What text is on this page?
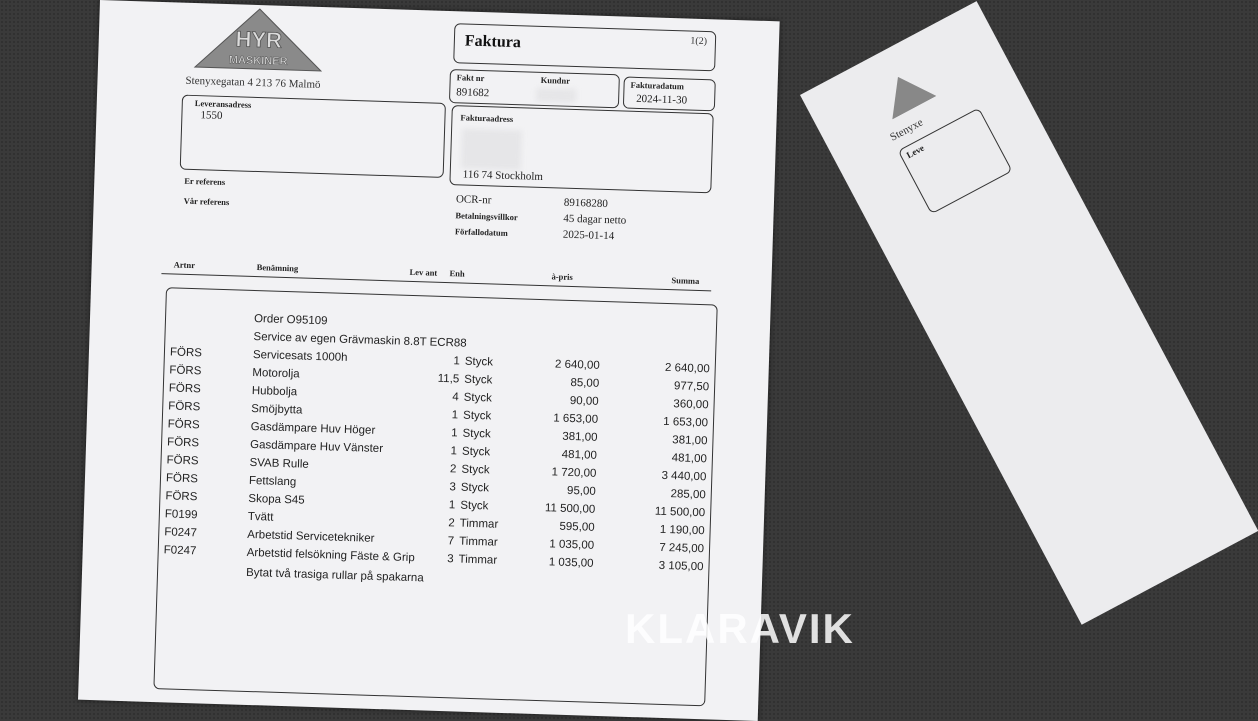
Stenyxe
Leve
HYR
MASKINER
Stenyxegatan 4 213 76 Malmö
Faktura	1(2)
Fakt nr	Kundnr
891682
Fakturadatum
2024-11-30
Leveransadress
1550	Fakturaadress
116 74 Stockholm
Er referens
Vår referens	OCR-nr	89168280
Betalningsvillkor	45 dagar netto
Förfallodatum	2025-01-14
Artnr	Benämning	Lev ant Enh	à-pris	Summa
Order O95109
Service av egen Grävmaskin 8.8T ECR88
FÖRS	Servicesats 1000h	1 Styck	2 640,00	2 640,00
FÖRS	Motorolja	11,5 Styck	85,00	977,50
FÖRS	Hubbolja	4 Styck	90,00	360,00
FÖRS	Smöjbytta	1 Styck	1 653,00	1 653,00
FÖRS	Gasdämpare Huv Höger	1 Styck	381,00	381,00
FÖRS	Gasdämpare Huv Vänster	1 Styck	481,00	481,00
FÖRS	SVAB Rulle	2 Styck	1 720,00	3 440,00
FÖRS	Fettslang	3 Styck	95,00	285,00
FÖRS	Skopa S45	1 Styck	11 500,00	11 500,00
F0199	Tvätt	2 Timmar	595,00	1 190,00
F0247	Arbetstid Servicetekniker	7 Timmar	1 035,00	7 245,00
F0247	Arbetstid felsökning Fäste & Grip	3 Timmar	1 035,00	3 105,00
Bytat två trasiga rullar på spakarna
KLARAVIK
